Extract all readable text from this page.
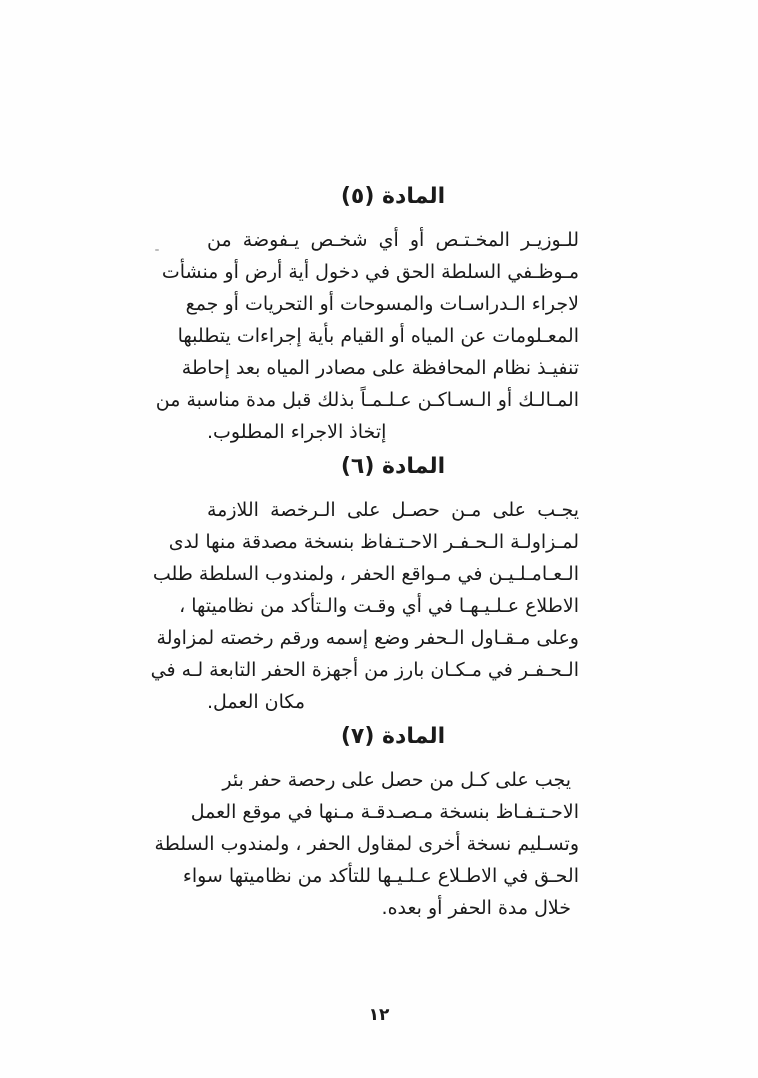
المادة (٥)
للـوزيـر المخـتـص أو أي شخـص يـفوضة من
مـوظـفي السلطة الحق في دخول أية أرض أو منشأت
لاجراء الـدراسـات والمسوحات أو التحريات أو جمع
المعـلومات عن المياه أو القيام بأية إجراءات يتطلبها
تنفيـذ نظام المحافظة على مصادر المياه بعد إحاطة
المـالـك أو الـسـاكـن عـلـمـاً بذلك قبل مدة مناسبة من
إتخاذ الاجراء المطلوب.
المادة (٦)
يجـب على مـن حصـل على الـرخصة اللازمة
لمـزاولـة الـحـفـر الاحـتـفاظ بنسخة مصدقة منها لدى
الـعـامـلـيـن في مـواقع الحفر ، ولمندوب السلطة طلب
الاطلاع عـلـيـهـا في أي وقـت والـتأكد من نظاميتها ،
وعلى مـقـاول الـحفر وضع إسمه ورقم رخصته لمزاولة
الـحـفـر في مـكـان بارز من أجهزة الحفر التابعة لـه في
مكان العمل.
المادة (٧)
يجب على كـل من حصل على رحصة حفر بئر
الاحـتـفـاظ بنسخة مـصـدقـة مـنها في موقع العمل
وتسـليم نسخة أخرى لمقاول الحفر ، ولمندوب السلطة
الحـق في الاطـلاع عـلـيـها للتأكد من نظاميتها سواء
خلال مدة الحفر أو بعده.
١٢
